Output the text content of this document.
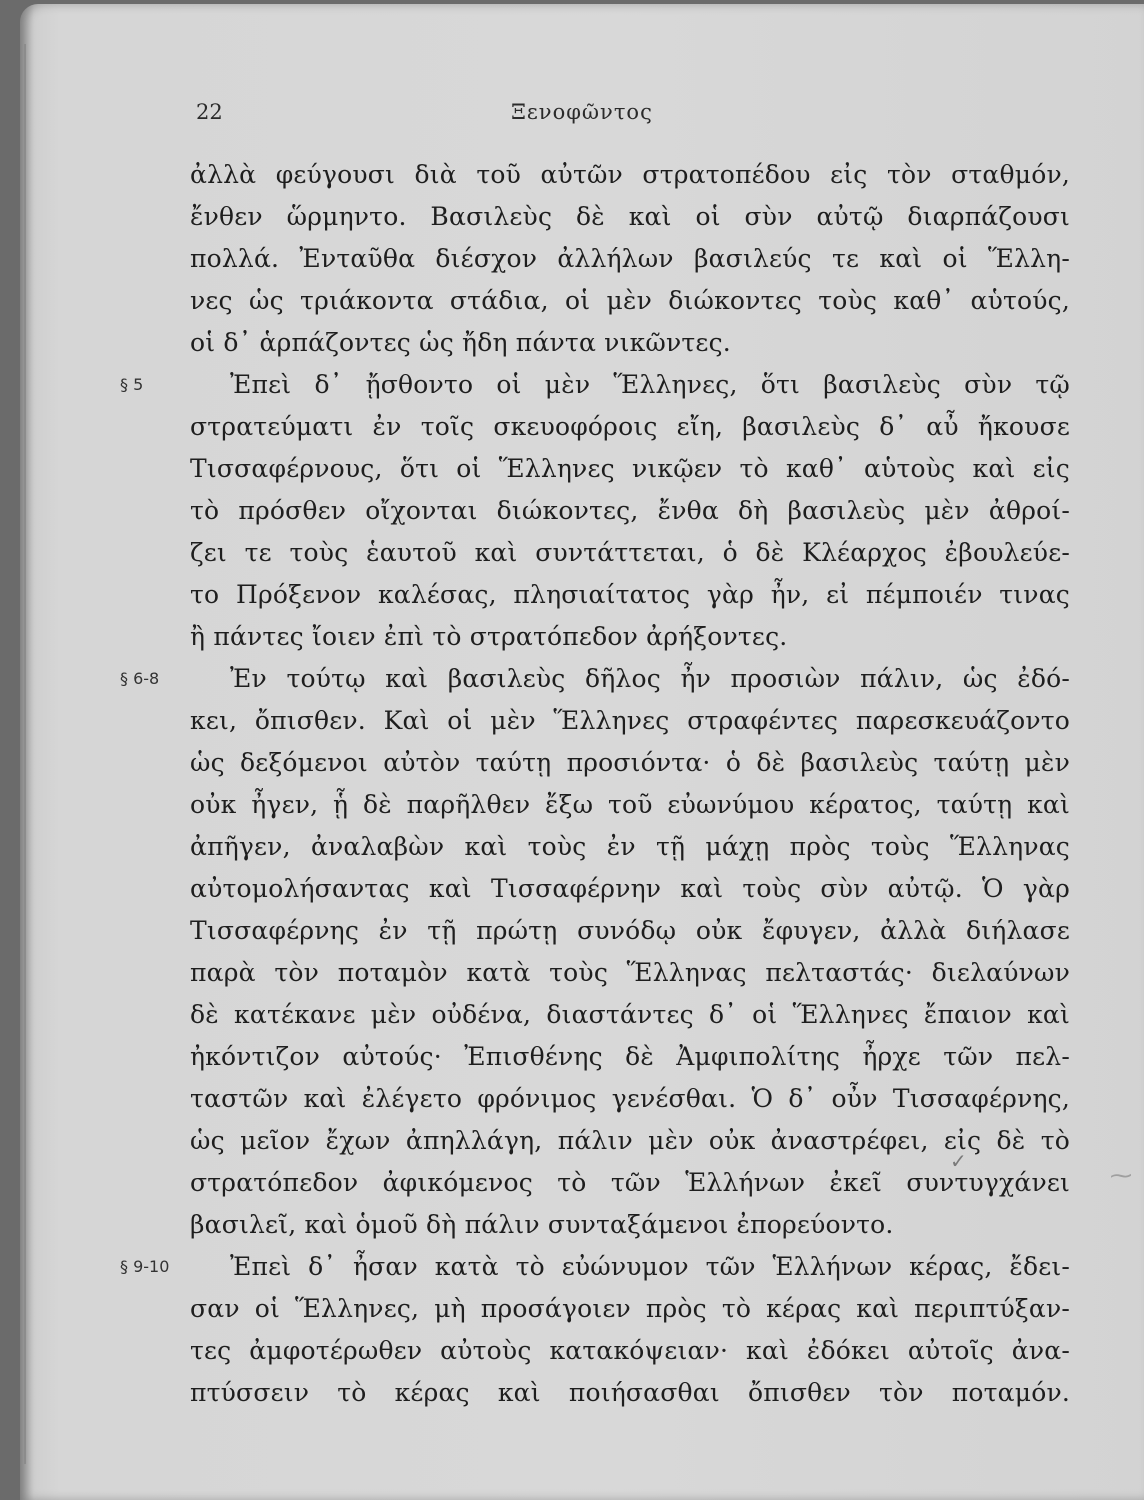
22	Ξενοφῶντος
ἀλλὰ φεύγουσι διὰ τοῦ αὐτῶν στρατοπέδου εἰς τὸν σταθμόν,
ἔνθεν ὥρμηντο. Βασιλεὺς δὲ καὶ οἱ σὺν αὐτῷ διαρπάζουσι
πολλά. Ἐνταῦθα διέσχον ἀλλήλων βασιλεύς τε καὶ οἱ Ἕλλη-
νες ὡς τριάκοντα στάδια, οἱ μὲν διώκοντες τοὺς καθ᾽ αὑτούς,
οἱ δ᾽ ἁρπάζοντες ὡς ἤδη πάντα νικῶντες.
§ 5	Ἐπεὶ δ᾽ ᾔσθοντο οἱ μὲν Ἕλληνες, ὅτι βασιλεὺς σὺν τῷ
στρατεύματι ἐν τοῖς σκευοφόροις εἴη, βασιλεὺς δ᾽ αὖ ἤκουσε
Τισσαφέρνους, ὅτι οἱ Ἕλληνες νικῷεν τὸ καθ᾽ αὑτοὺς καὶ εἰς
τὸ πρόσθεν οἴχονται διώκοντες, ἔνθα δὴ βασιλεὺς μὲν ἀθροί-
ζει τε τοὺς ἑαυτοῦ καὶ συντάττεται, ὁ δὲ Κλέαρχος ἐβουλεύε-
το Πρόξενον καλέσας, πλησιαίτατος γὰρ ἦν, εἰ πέμποιέν τινας
ἢ πάντες ἴοιεν ἐπὶ τὸ στρατόπεδον ἀρήξοντες.
§ 6-8	Ἐν τούτῳ καὶ βασιλεὺς δῆλος ἦν προσιὼν πάλιν, ὡς ἐδό-
κει, ὄπισθεν. Καὶ οἱ μὲν Ἕλληνες στραφέντες παρεσκευάζοντο
ὡς δεξόμενοι αὐτὸν ταύτῃ προσιόντα· ὁ δὲ βασιλεὺς ταύτῃ μὲν
οὐκ ἦγεν, ᾗ δὲ παρῆλθεν ἔξω τοῦ εὐωνύμου κέρατος, ταύτῃ καὶ
ἀπῆγεν, ἀναλαβὼν καὶ τοὺς ἐν τῇ μάχῃ πρὸς τοὺς Ἕλληνας
αὐτομολήσαντας καὶ Τισσαφέρνην καὶ τοὺς σὺν αὐτῷ. Ὁ γὰρ
Τισσαφέρνης ἐν τῇ πρώτῃ συνόδῳ οὐκ ἔφυγεν, ἀλλὰ διήλασε
παρὰ τὸν ποταμὸν κατὰ τοὺς Ἕλληνας πελταστάς· διελαύνων
δὲ κατέκανε μὲν οὐδένα, διαστάντες δ᾽ οἱ Ἕλληνες ἔπαιον καὶ
ἠκόντιζον αὐτούς· Ἐπισθένης δὲ Ἀμφιπολίτης ἦρχε τῶν πελ-
ταστῶν καὶ ἐλέγετο φρόνιμος γενέσθαι. Ὁ δ᾽ οὖν Τισσαφέρνης,
ὡς μεῖον ἔχων ἀπηλλάγη, πάλιν μὲν οὐκ ἀναστρέφει, εἰς δὲ τὸ
στρατόπεδον ἀφικόμενος τὸ τῶν Ἑλλήνων ἐκεῖ συντυγχάνει
βασιλεῖ, καὶ ὁμοῦ δὴ πάλιν συνταξάμενοι ἐπορεύοντο.
§ 9-10	Ἐπεὶ δ᾽ ἦσαν κατὰ τὸ εὐώνυμον τῶν Ἑλλήνων κέρας, ἔδει-
σαν οἱ Ἕλληνες, μὴ προσάγοιεν πρὸς τὸ κέρας καὶ περιπτύξαν-
τες ἀμφοτέρωθεν αὐτοὺς κατακόψειαν· καὶ ἐδόκει αὐτοῖς ἀνα-
πτύσσειν τὸ κέρας καὶ ποιήσασθαι ὄπισθεν τὸν ποταμόν.
✓
⁓
